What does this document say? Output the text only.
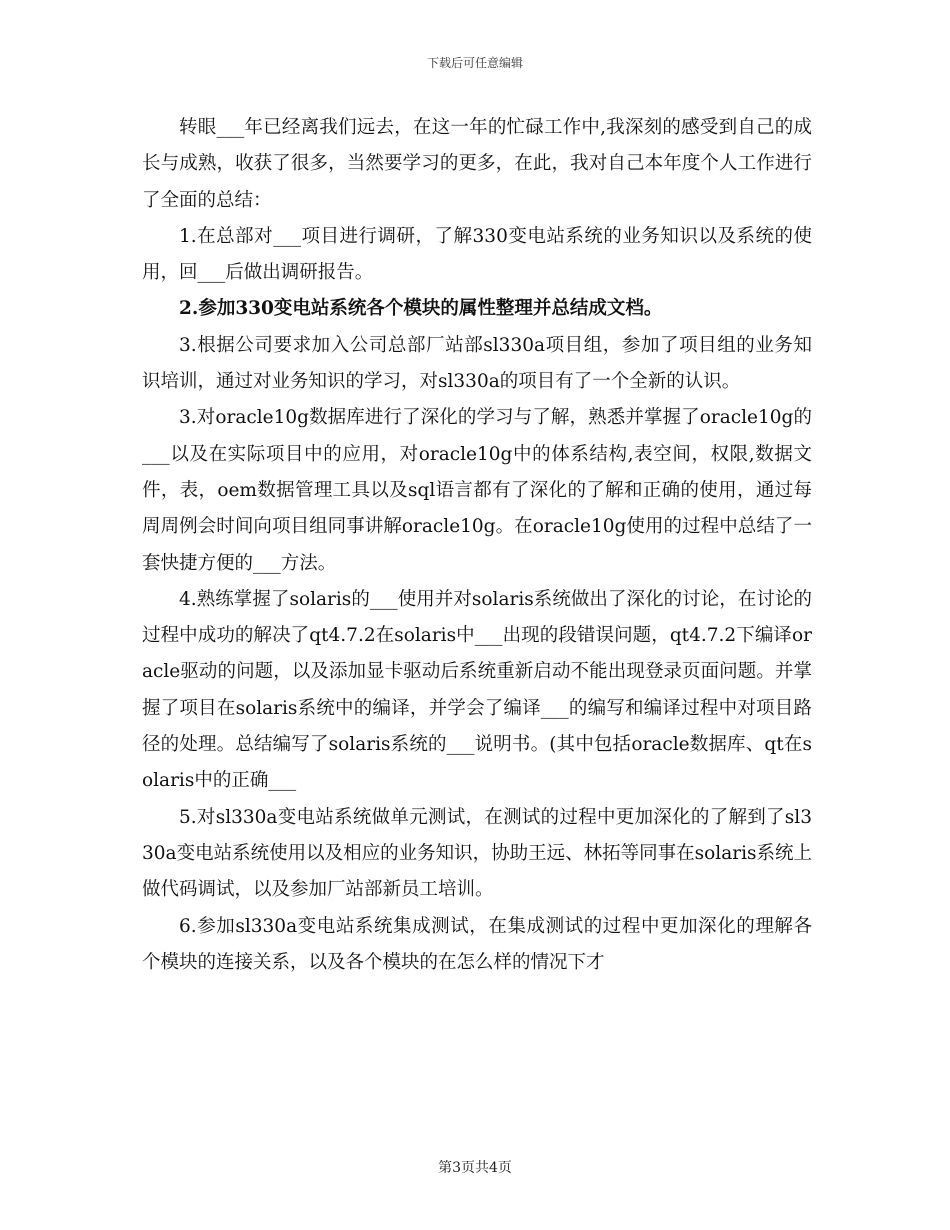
下载后可任意编辑

转眼___年已经离我们远去，在这一年的忙碌工作中,我深刻的感受到自己的成长与成熟，收获了很多，当然要学习的更多，在此，我对自己本年度个人工作进行了全面的总结：

1.在总部对___项目进行调研，了解330变电站系统的业务知识以及系统的使用，回___后做出调研报告。

2.参加330变电站系统各个模块的属性整理并总结成文档。

3.根据公司要求加入公司总部厂站部sl330a项目组，参加了项目组的业务知识培训，通过对业务知识的学习，对sl330a的项目有了一个全新的认识。

3.对oracle10g数据库进行了深化的学习与了解，熟悉并掌握了oracle10g的___以及在实际项目中的应用，对oracle10g中的体系结构,表空间，权限,数据文件，表，oem数据管理工具以及sql语言都有了深化的了解和正确的使用，通过每周周例会时间向项目组同事讲解oracle10g。在oracle10g使用的过程中总结了一套快捷方便的___方法。

4.熟练掌握了solaris的___使用并对solaris系统做出了深化的讨论，在讨论的过程中成功的解决了qt4.7.2在solaris中___出现的段错误问题，qt4.7.2下编译oracle驱动的问题，以及添加显卡驱动后系统重新启动不能出现登录页面问题。并掌握了项目在solaris系统中的编译，并学会了编译___的编写和编译过程中对项目路径的处理。总结编写了solaris系统的___说明书。(其中包括oracle数据库、qt在solaris中的正确___

5.对sl330a变电站系统做单元测试，在测试的过程中更加深化的了解到了sl330a变电站系统使用以及相应的业务知识，协助王远、林拓等同事在solaris系统上做代码调试，以及参加厂站部新员工培训。

6.参加sl330a变电站系统集成测试，在集成测试的过程中更加深化的理解各个模块的连接关系，以及各个模块的在怎么样的情况下才

第3页共4页
